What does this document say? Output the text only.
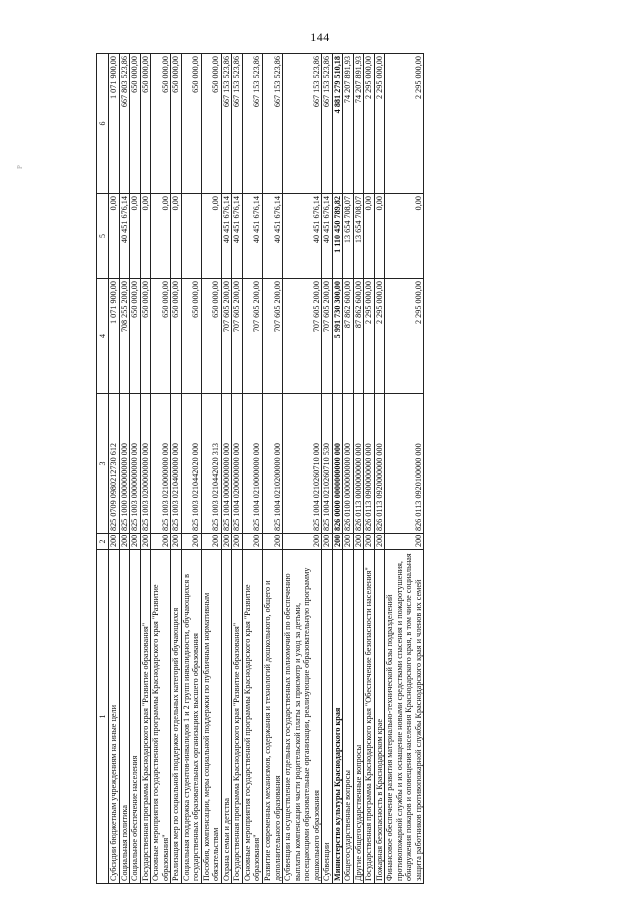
144
P
1	2	3	4	5	6
Субсидии бюджетным учреждениям на иные цели	200	825 0709 0980212730 612	1 071 900,00	0,00	1 071 900,00
Социальная политика	200	825 1000 0000000000 000	708 255 200,00	40 451 676,14	667 803 523,86
Социальное обеспечение населения	200	825 1003 0000000000 000	650 000,00	0,00	650 000,00
Государственная программа Краснодарского края "Развитие образования"	200	825 1003 0200000000 000	650 000,00	0,00	650 000,00
Основные мероприятия государственной программы Краснодарского края "Развитие образования"	200	825 1003 0210000000 000	650 000,00	0,00	650 000,00
Реализация мер по социальной поддержке отдельных категорий обучающихся	200	825 1003 0210400000 000	650 000,00	0,00	650 000,00
Социальная поддержка студентов-инвалидов 1 и 2 групп инвалидности, обучающихся в государственных образовательных организациях высшего образования	200	825 1003 0210442020 000	650 000,00		650 000,00
Пособия, компенсации, меры социальной поддержки по публичным нормативным обязательствам	200	825 1003 0210442020 313	650 000,00	0,00	650 000,00
Охрана семьи и детства	200	825 1004 0000000000 000	707 605 200,00	40 451 676,14	667 153 523,86
Государственная программа Краснодарского края "Развитие образования"	200	825 1004 0200000000 000	707 605 200,00	40 451 676,14	667 153 523,86
Основные мероприятия государственной программы Краснодарского края "Развитие образования"	200	825 1004 0210000000 000	707 605 200,00	40 451 676,14	667 153 523,86
Развитие современных механизмов, содержания и технологий дошкольного, общего и дополнительного образования	200	825 1004 0210200000 000	707 605 200,00	40 451 676,14	667 153 523,86
Субвенции на осуществление отдельных государственных полномочий по обеспечению выплаты компенсации части родительской платы за присмотр и уход за детьми, посещающими образовательные организации, реализующие образовательную программу дошкольного образования	200	825 1004 0210260710 000	707 605 200,00	40 451 676,14	667 153 523,86
Субвенции	200	825 1004 0210260710 530	707 605 200,00	40 451 676,14	667 153 523,86
Министерство культуры Краснодарского края	200	826 0000 0000000000 000	5 991 730 300,00	1 110 450 789,82	4 881 279 510,18
Общегосударственные вопросы	200	826 0100 0000000000 000	87 862 600,00	13 654 708,07	74 207 891,93
Другие общегосударственные вопросы	200	826 0113 0000000000 000	87 862 600,00	13 654 708,07	74 207 891,93
Государственная программа Краснодарского края "Обеспечение безопасности населения"	200	826 0113 0900000000 000	2 295 000,00	0,00	2 295 000,00
Пожарная безопасность в Краснодарском крае	200	826 0113 0920000000 000	2 295 000,00	0,00	2 295 000,00
Финансовое обеспечение развития материально-технической базы подразделений противопожарной службы и их оснащение новыми средствами спасения и пожаротушения, обнаружения пожаров и оповещения населения Краснодарского края, в том числе социальная защита работников противопожарной службы Краснодарского края и членов их семей	200	826 0113 0920100000 000	2 295 000,00	0,00	2 295 000,00
